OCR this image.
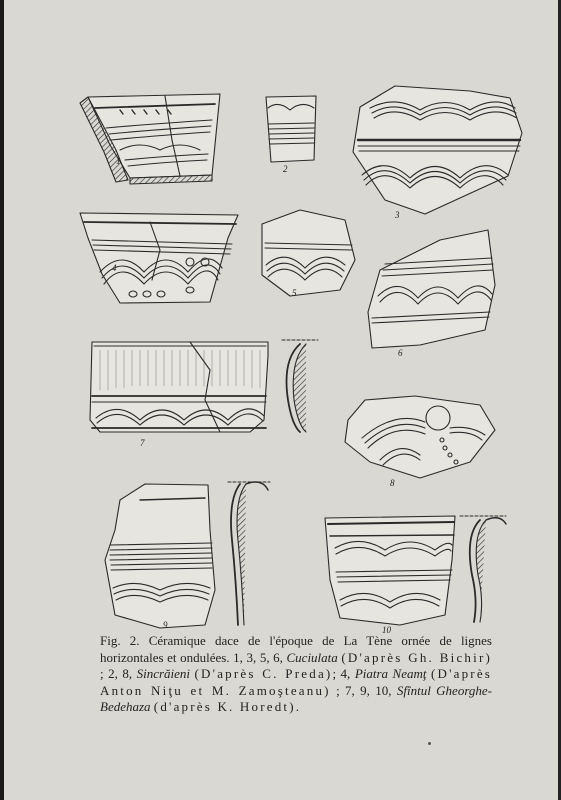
1
2
3
4
5
6
7
8
9	10
Fig. 2. Céramique dace de l'époque de La Tène ornée de lignes horizontales et ondulées. 1, 3, 5, 6, Cuciulata (D'après Gh. Bichir) ; 2, 8, Sincrăieni (D'après C. Preda); 4, Piatra Neamţ (D'après Anton Niţu et M. Zamoşteanu) ; 7, 9, 10, Sfîntul Gheorghe-Bedehaza (d'après K. Horedt).
